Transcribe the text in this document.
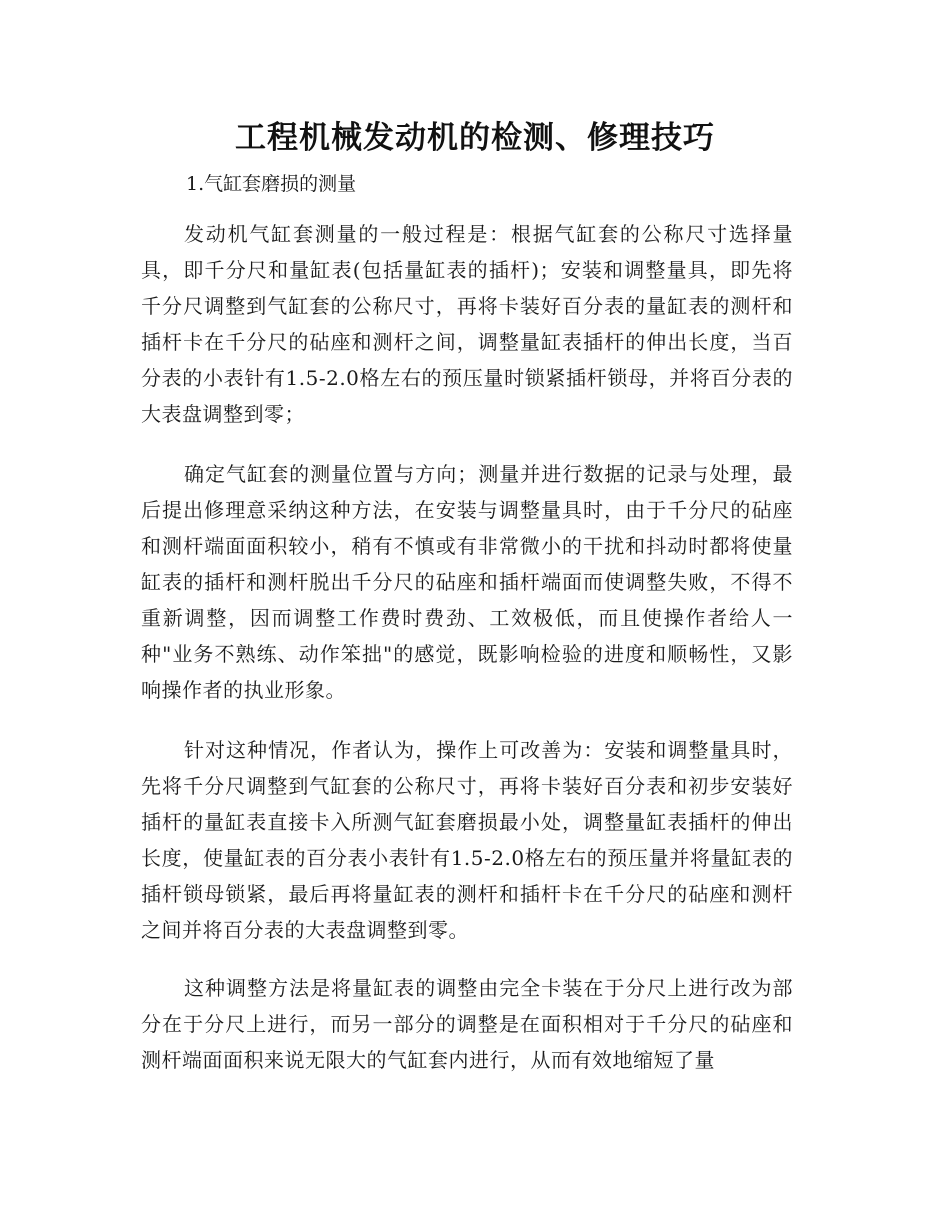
工程机械发动机的检测、修理技巧

1.气缸套磨损的测量

发动机气缸套测量的一般过程是：根据气缸套的公称尺寸选择量具，即千分尺和量缸表(包括量缸表的插杆)；安装和调整量具，即先将千分尺调整到气缸套的公称尺寸，再将卡装好百分表的量缸表的测杆和插杆卡在千分尺的砧座和测杆之间，调整量缸表插杆的伸出长度，当百分表的小表针有1.5-2.0格左右的预压量时锁紧插杆锁母，并将百分表的大表盘调整到零；

确定气缸套的测量位置与方向；测量并进行数据的记录与处理，最后提出修理意采纳这种方法，在安装与调整量具时，由于千分尺的砧座和测杆端面面积较小，稍有不慎或有非常微小的干扰和抖动时都将使量缸表的插杆和测杆脱出千分尺的砧座和插杆端面而使调整失败，不得不重新调整，因而调整工作费时费劲、工效极低，而且使操作者给人一种"业务不熟练、动作笨拙"的感觉，既影响检验的进度和顺畅性，又影响操作者的执业形象。

针对这种情况，作者认为，操作上可改善为：安装和调整量具时，先将千分尺调整到气缸套的公称尺寸，再将卡装好百分表和初步安装好插杆的量缸表直接卡入所测气缸套磨损最小处，调整量缸表插杆的伸出长度，使量缸表的百分表小表针有1.5-2.0格左右的预压量并将量缸表的插杆锁母锁紧，最后再将量缸表的测杆和插杆卡在千分尺的砧座和测杆之间并将百分表的大表盘调整到零。

这种调整方法是将量缸表的调整由完全卡装在于分尺上进行改为部分在于分尺上进行，而另一部分的调整是在面积相对于千分尺的砧座和测杆端面面积来说无限大的气缸套内进行，从而有效地缩短了量
